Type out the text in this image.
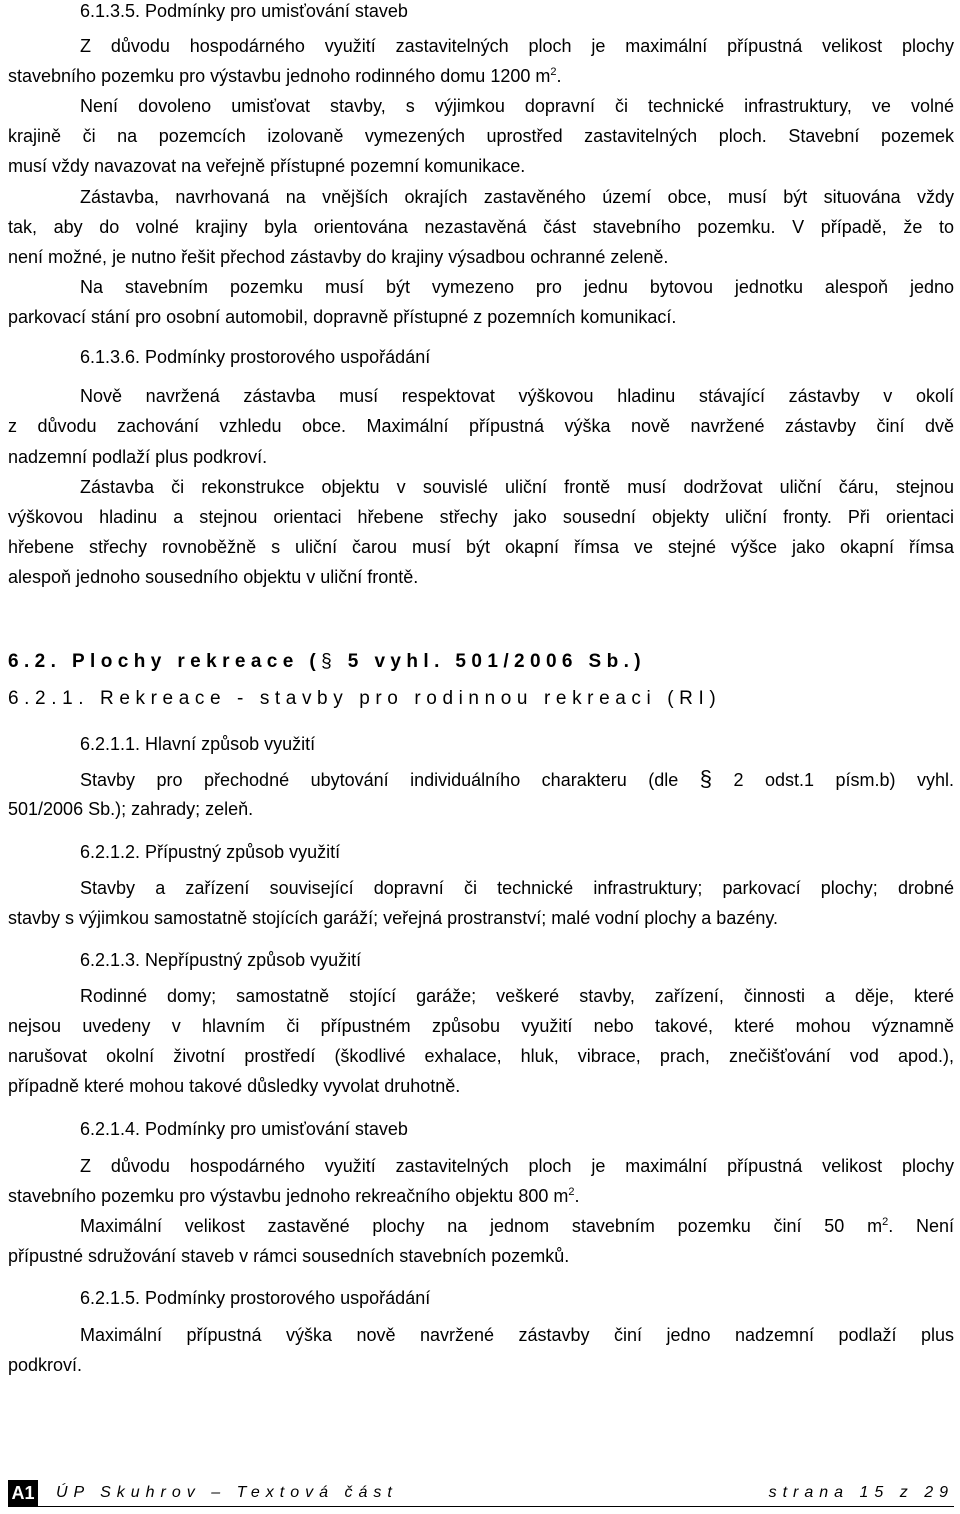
6.1.3.5. Podmínky pro umisťování staveb
Z důvodu hospodárného využití zastavitelných ploch je maximální přípustná velikost plochy
stavebního pozemku pro výstavbu jednoho rodinného domu 1200 $m^2$.
Není dovoleno umisťovat stavby, s výjimkou dopravní či technické infrastruktury, ve volné
krajině či na pozemcích izolovaně vymezených uprostřed zastavitelných ploch. Stavební pozemek
musí vždy navazovat na veřejně přístupné pozemní komunikace.
Zástavba, navrhovaná na vnějších okrajích zastavěného území obce, musí být situována vždy
tak, aby do volné krajiny byla orientována nezastavěná část stavebního pozemku. V případě, že to
není možné, je nutno řešit přechod zástavby do krajiny výsadbou ochranné zeleně.
Na stavebním pozemku musí být vymezeno pro jednu bytovou jednotku alespoň jedno
parkovací stání pro osobní automobil, dopravně přístupné z pozemních komunikací.
6.1.3.6. Podmínky prostorového uspořádání
Nově navržená zástavba musí respektovat výškovou hladinu stávající zástavby v okolí
z důvodu zachování vzhledu obce. Maximální přípustná výška nově navržené zástavby činí dvě
nadzemní podlaží plus podkroví.
Zástavba či rekonstrukce objektu v souvislé uliční frontě musí dodržovat uliční čáru, stejnou
výškovou hladinu a stejnou orientaci hřebene střechy jako sousední objekty uliční fronty. Při orientaci
hřebene střechy rovnoběžně s uliční čarou musí být okapní římsa ve stejné výšce jako okapní římsa
alespoň jednoho sousedního objektu v uliční frontě.
6.2. Plochy rekreace (§ 5 vyhl. 501/2006 Sb.)
6.2.1. Rekreace - stavby pro rodinnou rekreaci (RI)
6.2.1.1. Hlavní způsob využití
Stavby pro přechodné ubytování individuálního charakteru (dle § 2 odst.1 písm.b) vyhl.
501/2006 Sb.); zahrady; zeleň.
6.2.1.2. Přípustný způsob využití
Stavby a zařízení související dopravní či technické infrastruktury; parkovací plochy; drobné
stavby s výjimkou samostatně stojících garáží; veřejná prostranství; malé vodní plochy a bazény.
6.2.1.3. Nepřípustný způsob využití
Rodinné domy; samostatně stojící garáže; veškeré stavby, zařízení, činnosti a děje, které
nejsou uvedeny v hlavním či přípustném způsobu využití nebo takové, které mohou významně
narušovat okolní životní prostředí (škodlivé exhalace, hluk, vibrace, prach, znečišťování vod apod.),
případně které mohou takové důsledky vyvolat druhotně.
6.2.1.4. Podmínky pro umisťování staveb
Z důvodu hospodárného využití zastavitelných ploch je maximální přípustná velikost plochy
stavebního pozemku pro výstavbu jednoho rekreačního objektu 800 $m^2$.
Maximální velikost zastavěné plochy na jednom stavebním pozemku činí 50 $m^2$. Není
přípustné sdružování staveb v rámci sousedních stavebních pozemků.
6.2.1.5. Podmínky prostorového uspořádání
Maximální přípustná výška nově navržené zástavby činí jedno nadzemní podlaží plus
podkroví.
A1 ÚP Skuhrov – Textová část	strana 15 z 29
